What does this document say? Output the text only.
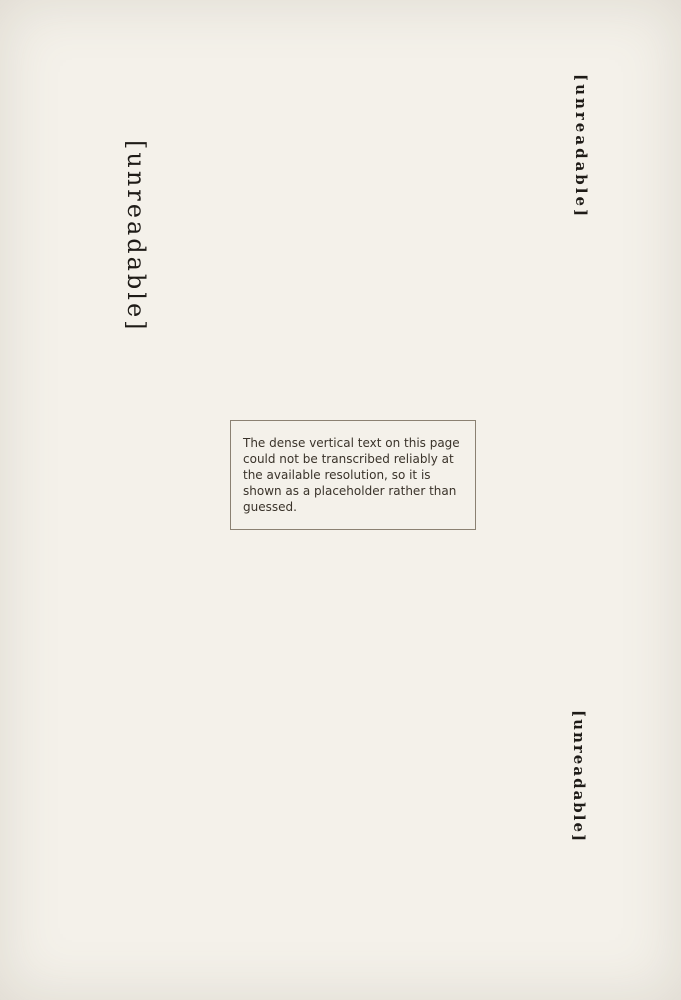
[unreadable]
[unreadable]
[unreadable]
The dense vertical text on this page could not be transcribed reliably at the available resolution, so it is shown as a placeholder rather than guessed.
